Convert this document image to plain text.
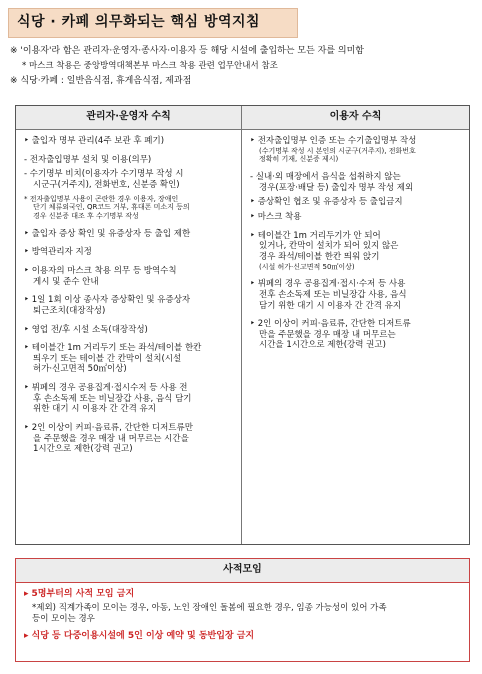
식당 · 카페 의무화되는 핵심 방역지침
※ '이용자'라 함은 관리자·운영자·종사자·이용자 등 해당 시설에 출입하는 모든 자를 의미함
* 마스크 착용은 중앙방역대책본부 마스크 착용 관련 업무안내서 참조
※ 식당·카페 : 일반음식점, 휴게음식점, 제과점
관리자·운영자 수칙	이용자 수칙
‣ 출입자 명부 관리(4주 보관 후 폐기)
- 전자출입명부 설치 및 이용(의무)
- 수기명부 비치(이용자가 수기명부 작성 시
시군구(거주지), 전화번호, 신분증 확인)
* 전자출입명부 사용이 곤란한 경우 이용자, 장애인
단기 체류외국인, QR코드 거부, 휴대폰 미소지 등의
경우 신분증 대조 후 수기명부 작성
‣ 출입자 증상 확인 및 유증상자 등 출입 제한
‣ 방역관리자 지정
‣ 이용자의 마스크 착용 의무 등 방역수칙
게시 및 준수 안내
‣ 1일 1회 이상 종사자 증상확인 및 유증상자
퇴근조치(대장작성)
‣ 영업 전/후 시설 소독(대장작성)
‣ 테이블간 1m 거리두기 또는 좌석/테이블 한칸
띄우기 또는 테이블 간 칸막이 설치(시설
허가·신고면적 50㎡이상)
‣ 뷔페의 경우 공용집게·접시수저 등 사용 전
후 손소독제 또는 비닐장갑 사용, 음식 담기
위한 대기 시 이용자 간 간격 유지
‣ 2인 이상이 커피·음료류, 간단한 디저트류만
을 주문했을 경우 매장 내 머무르는 시간을
1시간으로 제한(강력 권고)
‣ 전자출입명부 인증 또는 수기출입명부 작성
(수기명부 작성 시 본인의 시군구(거주지), 전화번호
정확히 기재, 신분증 제시)
- 실내·외 매장에서 음식을 섭취하지 않는
경우(포장·배달 등) 출입자 명부 작성 제외
‣ 증상확인 협조 및 유증상자 등 출입금지
‣ 마스크 착용
‣ 테이블간 1m 거리두기가 안 되어
있거나, 칸막이 설치가 되어 있지 않은
경우 좌석/테이블 한칸 띄워 앉기
(시설 허가·신고면적 50㎡이상)
‣ 뷔페의 경우 공용집게·접시·수저 등 사용
전후 손소독제 또는 비닐장갑 사용, 음식
담기 위한 대기 시 이용자 간 간격 유지
‣ 2인 이상이 커피·음료류, 간단한 디저트류
만을 주문했을 경우 매장 내 머무르는
시간을 1시간으로 제한(강력 권고)
사적모임
▸ 5명부터의 사적 모임 금지
*제외) 직계가족이 모이는 경우, 아동, 노인 장애인 돌봄에 필요한 경우, 임종 가능성이 있어 가족
등이 모이는 경우
▸ 식당 등 다중이용시설에 5인 이상 예약 및 동반입장 금지
